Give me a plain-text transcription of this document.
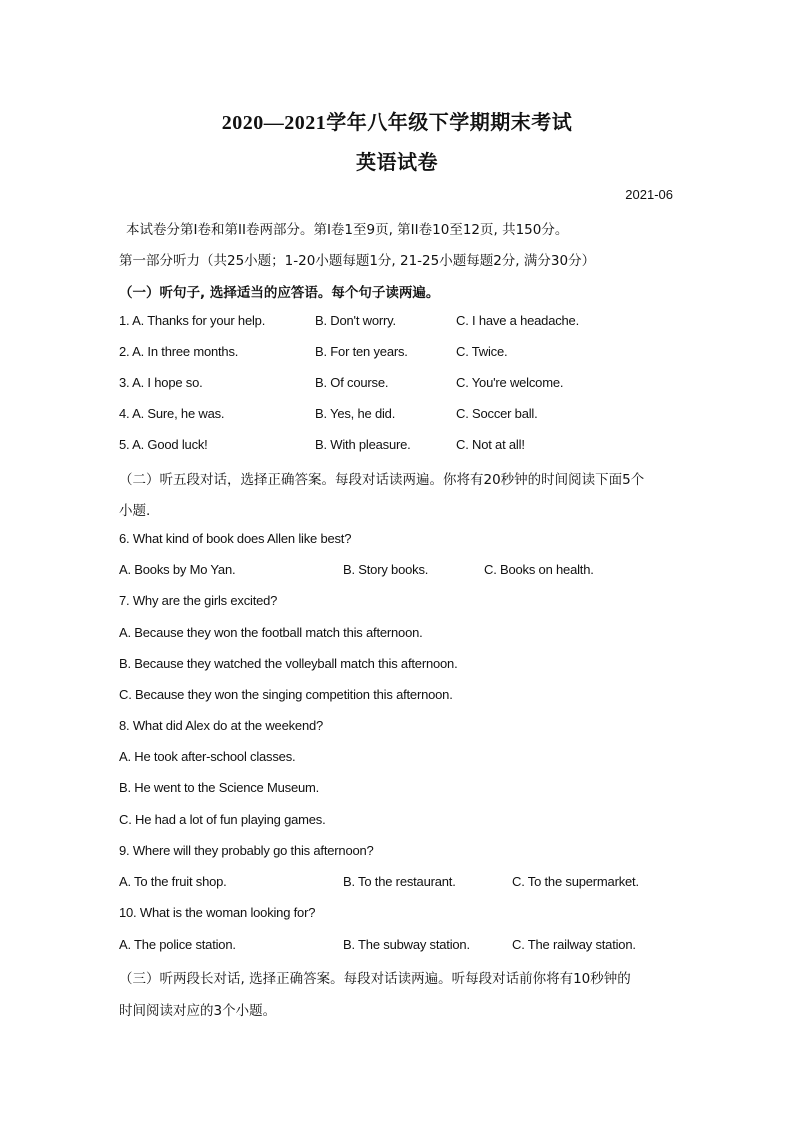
2020—2021学年八年级下学期期末考试
英语试卷
2021-06
本试卷分第I卷和第II卷两部分。第I卷1至9页, 第II卷10至12页, 共150分。
第一部分听力（共25小题；1-20小题每题1分, 21-25小题每题2分, 满分30分）
（一）听句子, 选择适当的应答语。每个句子读两遍。
1. A. Thanks for your help.	B. Don't worry.	C. I have a headache.
2. A. In three months.	B. For ten years.	C. Twice.
3. A. I hope so.	B. Of course.	C. You're welcome.
4. A. Sure, he was.	B. Yes, he did.	C. Soccer ball.
5. A. Good luck!	B. With pleasure.	C. Not at all!
（二）听五段对话，选择正确答案。每段对话读两遍。你将有20秒钟的时间阅读下面5个
小题.
6. What kind of book does Allen like best?
A. Books by Mo Yan.	B. Story books.	C. Books on health.
7. Why are the girls excited?
A. Because they won the football match this afternoon.
B. Because they watched the volleyball match this afternoon.
C. Because they won the singing competition this afternoon.
8. What did Alex do at the weekend?
A. He took after-school classes.
B. He went to the Science Museum.
C. He had a lot of fun playing games.
9. Where will they probably go this afternoon?
A. To the fruit shop.	B. To the restaurant.	C. To the supermarket.
10. What is the woman looking for?
A. The police station.	B. The subway station.	C. The railway station.
（三）听两段长对话, 选择正确答案。每段对话读两遍。听每段对话前你将有10秒钟的
时间阅读对应的3个小题。
